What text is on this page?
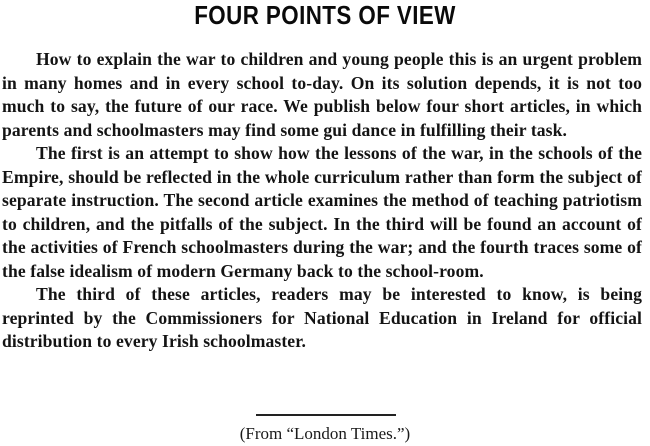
FOUR POINTS OF VIEW

How to explain the war to children and young people this is an urgent problem in many homes and in every school to-day. On its solution depends, it is not too much to say, the future of our race. We publish below four short articles, in which parents and schoolmasters may find some gui dance in fulfilling their task.

The first is an attempt to show how the lessons of the war, in the schools of the Empire, should be reflected in the whole curriculum rather than form the subject of separate instruction. The second article examines the method of teaching patriotism to children, and the pitfalls of the subject. In the third will be found an account of the activities of French schoolmasters during the war; and the fourth traces some of the false idealism of modern Germany back to the school-room.

The third of these articles, readers may be interested to know, is being reprinted by the Commissioners for National Education in Ireland for official distribution to every Irish schoolmaster.

(From “London Times.”)
